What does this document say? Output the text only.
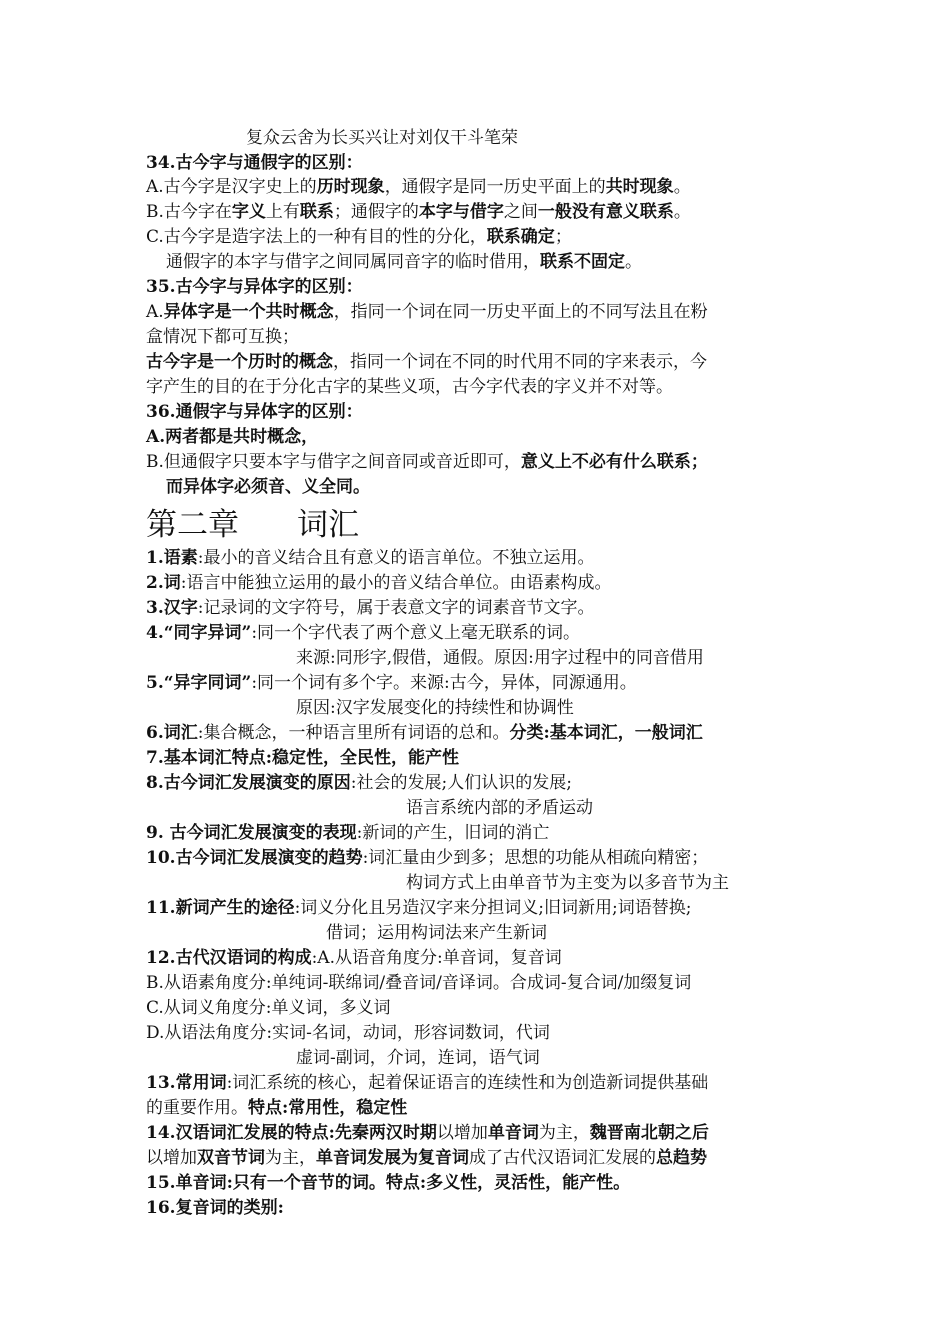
复众云舍为长买兴让对刘仅干斗笔荣
34.古今字与通假字的区别：
A.古今字是汉字史上的历时现象，通假字是同一历史平面上的共时现象。
B.古今字在字义上有联系；通假字的本字与借字之间一般没有意义联系。
C.古今字是造字法上的一种有目的性的分化，联系确定；
通假字的本字与借字之间同属同音字的临时借用，联系不固定。
35.古今字与异体字的区别：
A.异体字是一个共时概念，指同一个词在同一历史平面上的不同写法且在粉
盒情况下都可互换；
古今字是一个历时的概念，指同一个词在不同的时代用不同的字来表示，今
字产生的目的在于分化古字的某些义项，古今字代表的字义并不对等。
36.通假字与异体字的区别：
A.两者都是共时概念，
B.但通假字只要本字与借字之间音同或音近即可，意义上不必有什么联系；
而异体字必须音、义全同。
第二章 词汇
1.语素:最小的音义结合且有意义的语言单位。不独立运用。
2.词:语言中能独立运用的最小的音义结合单位。由语素构成。
3.汉字:记录词的文字符号，属于表意文字的词素音节文字。
4.“同字异词”:同一个字代表了两个意义上毫无联系的词。
来源:同形字,假借，通假。原因:用字过程中的同音借用
5.“异字同词”:同一个词有多个字。来源:古今，异体，同源通用。
原因:汉字发展变化的持续性和协调性
6.词汇:集合概念，一种语言里所有词语的总和。分类:基本词汇，一般词汇
7.基本词汇特点:稳定性，全民性，能产性
8.古今词汇发展演变的原因:社会的发展;人们认识的发展;
语言系统内部的矛盾运动
9. 古今词汇发展演变的表现:新词的产生，旧词的消亡
10.古今词汇发展演变的趋势:词汇量由少到多；思想的功能从相疏向精密；
构词方式上由单音节为主变为以多音节为主
11.新词产生的途径:词义分化且另造汉字来分担词义;旧词新用;词语替换;
借词；运用构词法来产生新词
12.古代汉语词的构成:A.从语音角度分:单音词，复音词
B.从语素角度分:单纯词-联绵词/叠音词/音译词。合成词-复合词/加缀复词
C.从词义角度分:单义词，多义词
D.从语法角度分:实词-名词，动词，形容词数词，代词
虚词-副词，介词，连词，语气词
13.常用词:词汇系统的核心，起着保证语言的连续性和为创造新词提供基础
的重要作用。特点:常用性，稳定性
14.汉语词汇发展的特点:先秦两汉时期以增加单音词为主，魏晋南北朝之后
以增加双音节词为主，单音词发展为复音词成了古代汉语词汇发展的总趋势
15.单音词:只有一个音节的词。特点:多义性，灵活性，能产性。
16.复音词的类别:
